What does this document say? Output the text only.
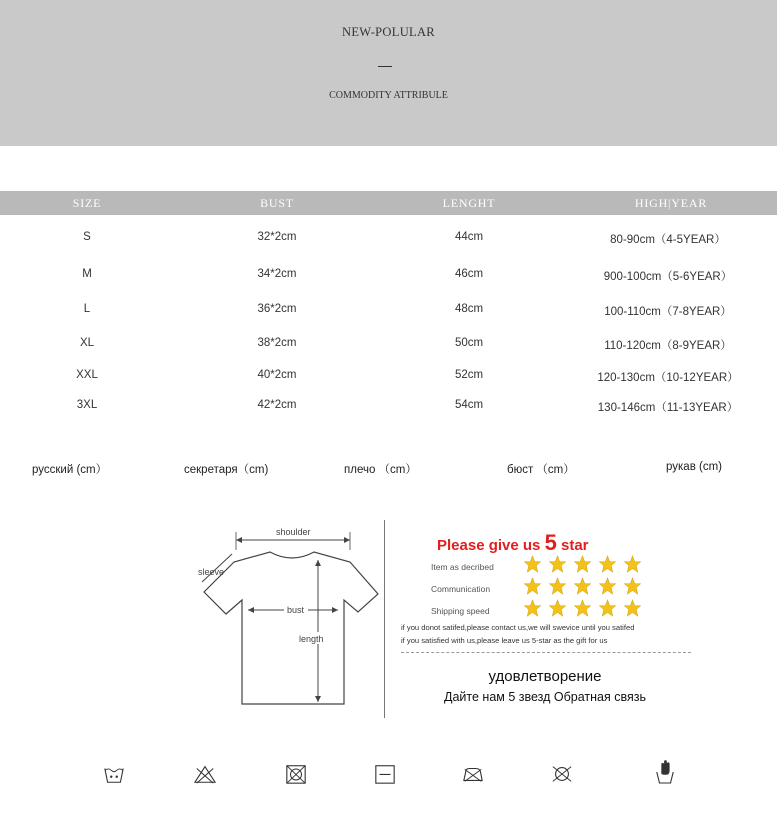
NEW-POLULAR
COMMODITY ATTRIBULE
SIZE	BUST	LENGHT	HIGH|YEAR
S	32*2cm	44cm	80-90cm（4-5YEAR）
M	34*2cm	46cm	900-100cm（5-6YEAR）
L	36*2cm	48cm	100-110cm（7-8YEAR）
XL	38*2cm	50cm	110-120cm（8-9YEAR）
XXL	40*2cm	52cm	120-130cm（10-12YEAR）
3XL	42*2cm	54cm	130-146cm（11-13YEAR）
русский (cm）	секретаря（cm)	плечо （cm）	бюст （cm）	рукав (cm)
shoulder
sleeve
bust
length
Please give us 5 star
Item as decribed
Communication
Shipping speed
if you donot satifed,please contact us,we will swevice until you satifed
if you satisfied with us,please leave us 5-star as the gift for us
удовлетворение
Дайте нам 5 звезд Обратная связь
